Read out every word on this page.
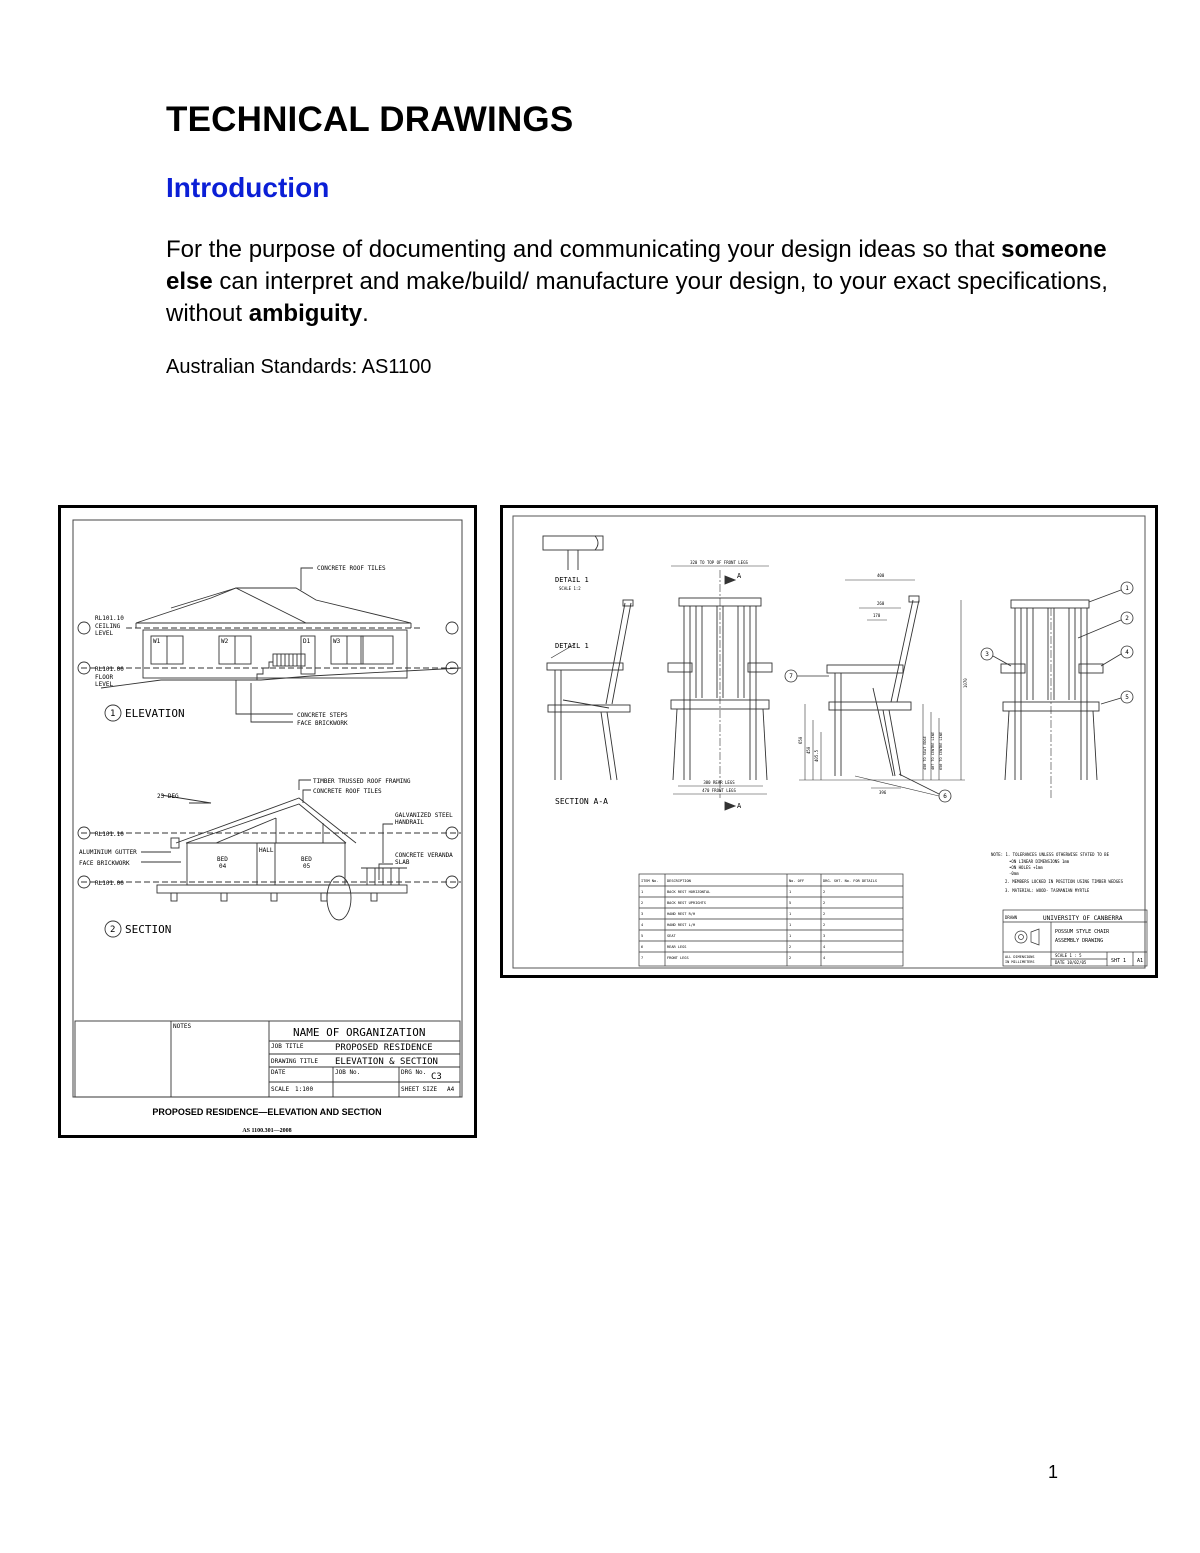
TECHNICAL DRAWINGS
Introduction

For the purpose of documenting and communicating your design ideas so that someone else can interpret and make/build/ manufacture your design, to your exact specifications, without ambiguity.

Australian Standards: AS1100

CONCRETE ROOF TILES
RL101.10
CEILING
LEVEL
RL101.00
FLOOR
LEVEL
W1	W2	D1	W3
1 ELEVATION	CONCRETE STEPS
FACE BRICKWORK
TIMBER TRUSSED ROOF FRAMING
CONCRETE ROOF TILES
23 DEG
GALVANIZED STEEL
HANDRAIL
RL101.10
ALUMINIUM GUTTER
FACE BRICKWORK
BED
04
HALL
BED
05
CONCRETE VERANDA
SLAB
RL101.00
2 SECTION
NOTES	NAME OF ORGANIZATION
JOB TITLE	PROPOSED RESIDENCE
DRAWING TITLE ELEVATION & SECTION
DATE	JOB No.	DRG No. C3
SCALE 1:100	SHEET SIZE A4
PROPOSED RESIDENCE—ELEVATION AND SECTION
AS 1100.301—2008
DETAIL 1
SCALE 1:2
DETAIL 1
SECTION A-A
320 TO TOP OF FRONT LEGS
A
380 REAR LEGS
470 FRONT LEGS
A
400
260
170
1070
450 TO SEAT EDGE 407 TO CENTRE LINE 650 TO CENTRE LINE
650
450 405.5
396
1
2
3	4
5
6
7
NOTE: 1. TOLERANCES UNLESS OTHERWISE STATED TO BE
•ON LINEAR DIMENSIONS 1mm
•ON HOLES +1mm
-0mm
2. MEMBERS LOCKED IN POSITION USING TIMBER WEDGES
3. MATERIAL: WOOD- TASMANIAN MYRTLE
ITEM No. DESCRIPTION	No. OFF	DRG. SHT. No. FOR DETAILS
1	BACK REST HORIZONTAL	1	2
2	BACK REST UPRIGHTS	5	2
3	HAND REST R/H	1	2
4	HAND REST L/H	1	2
5	SEAT	1	3
6	REAR LEGS	2	4
7	FRONT LEGS	2	4
DRAWN	UNIVERSITY OF CANBERRA
POSSUM STYLE CHAIR
ASSEMBLY DRAWING
ALL DIMENSIONS
IN MILLIMETERS
SCALE 1 : 5
DATE 10/02/05	SHT 1 A1

1
